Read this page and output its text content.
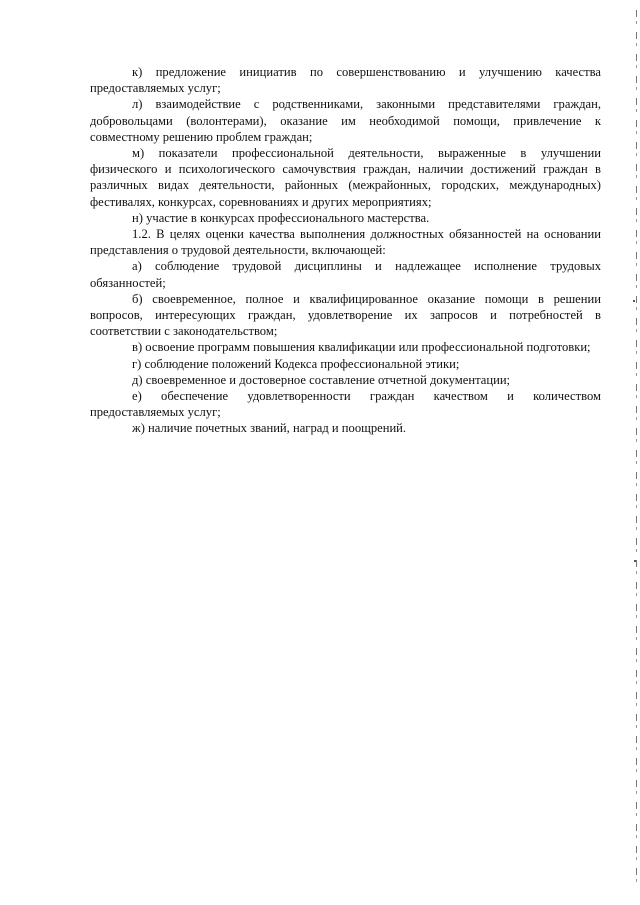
к) предложение инициатив по совершенствованию и улучшению качества предоставляемых услуг;

л) взаимодействие с родственниками, законными представителями граждан, добровольцами (волонтерами), оказание им необходимой помощи, привлечение к совместному решению проблем граждан;

м) показатели профессиональной деятельности, выраженные в улучшении физического и психологического самочувствия граждан, наличии достижений граждан в различных видах деятельности, районных (межрайонных, городских, международных) фестивалях, конкурсах, соревнованиях и других мероприятиях;

н) участие в конкурсах профессионального мастерства.

1.2. В целях оценки качества выполнения должностных обязанностей на основании представления о трудовой деятельности, включающей:

а) соблюдение трудовой дисциплины и надлежащее исполнение трудовых обязанностей;

б) своевременное, полное и квалифицированное оказание помощи в решении вопросов, интересующих граждан, удовлетворение их запросов и потребностей в соответствии с законодательством;

в) освоение программ повышения квалификации или профессиональной подготовки;

г) соблюдение положений Кодекса профессиональной этики;

д) своевременное и достоверное составление отчетной документации;

е) обеспечение удовлетворенности граждан качеством и количеством предоставляемых услуг;

ж) наличие почетных званий, наград и поощрений.
